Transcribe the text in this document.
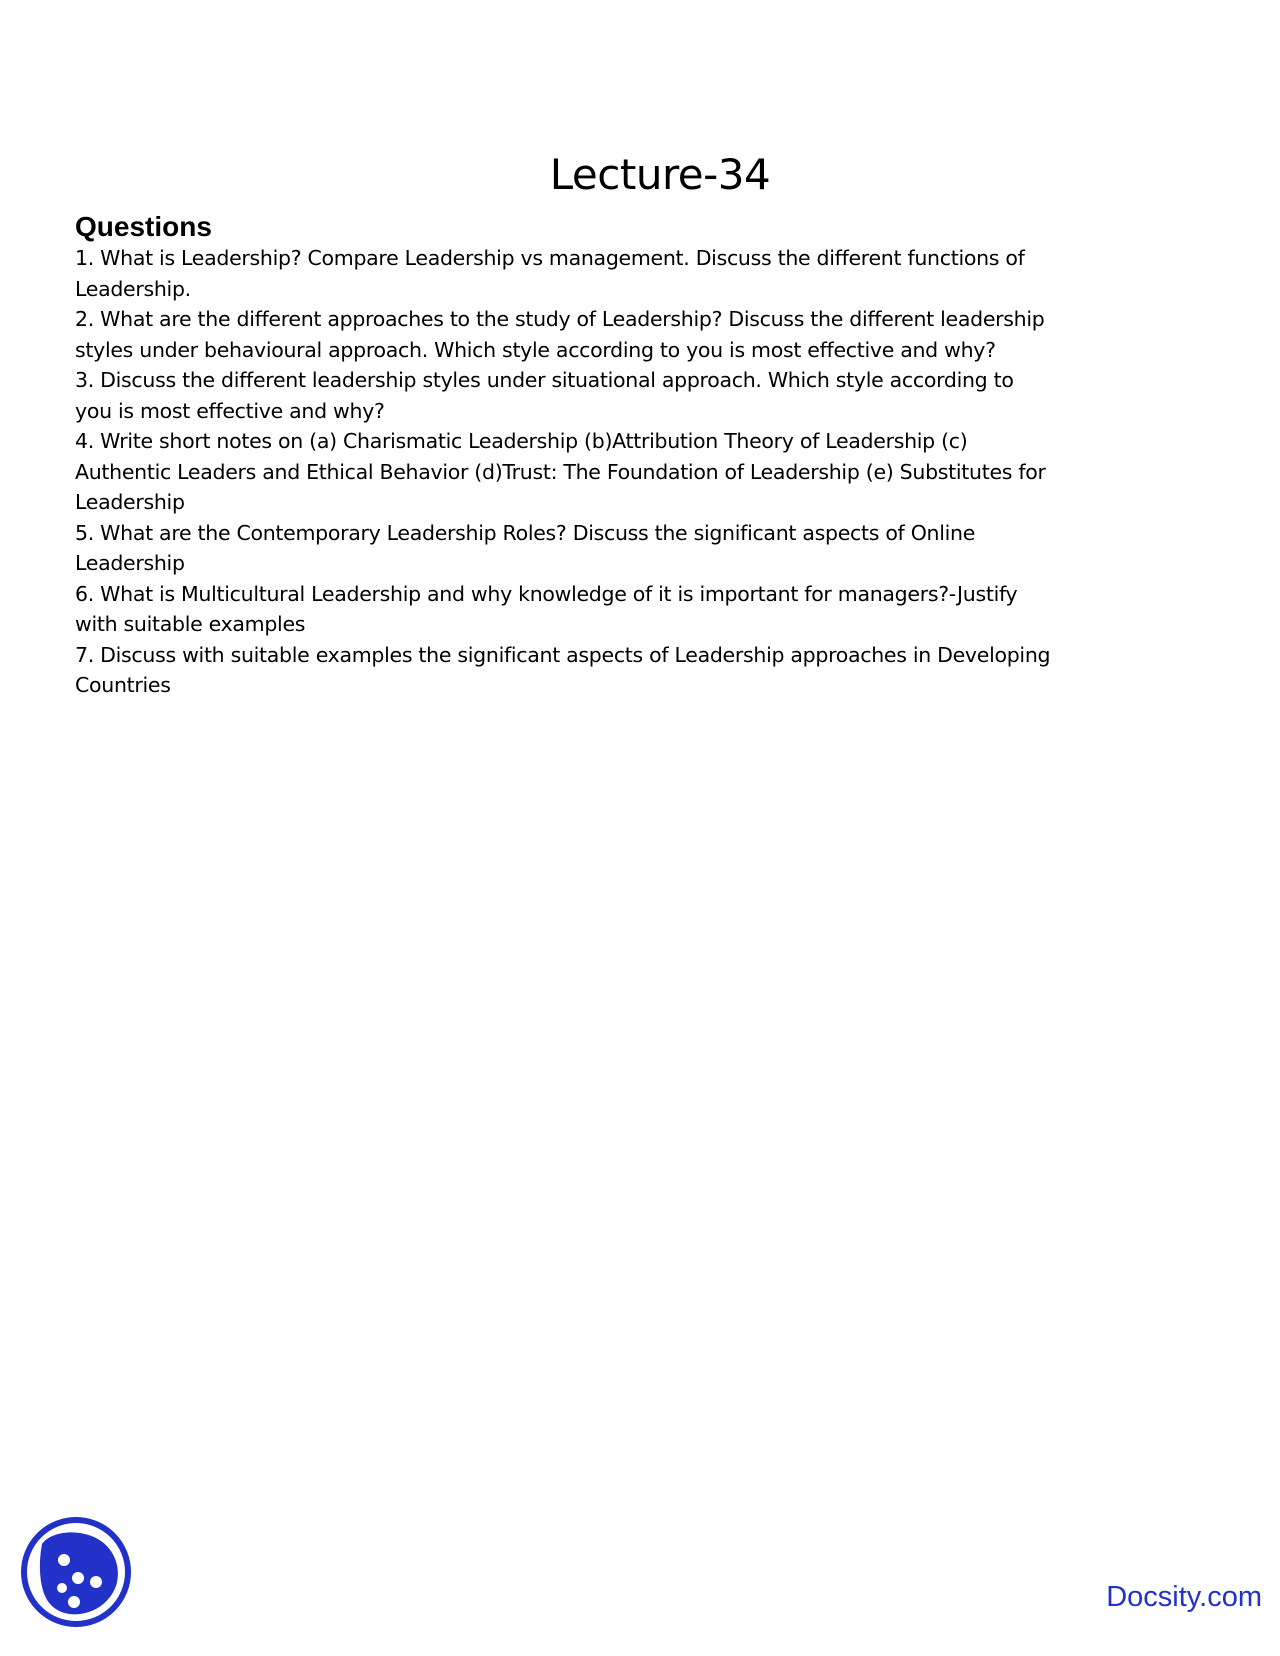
Lecture-34
Questions
1. What is Leadership? Compare Leadership vs management. Discuss the different functions of Leadership.
2. What are the different approaches to the study of Leadership? Discuss the different leadership styles under behavioural approach. Which style according to you is most effective and why?
3. Discuss the different leadership styles under situational approach. Which style according to you is most effective and why?
4. Write short notes on (a) Charismatic Leadership (b)Attribution Theory of Leadership (c) Authentic Leaders and Ethical Behavior (d)Trust: The Foundation of Leadership (e) Substitutes for Leadership
5. What are the Contemporary Leadership Roles? Discuss the significant aspects of Online Leadership
6. What is Multicultural Leadership and why knowledge of it is important for managers?-Justify with suitable examples
7. Discuss with suitable examples the significant aspects of Leadership approaches in Developing Countries
Docsity.com
